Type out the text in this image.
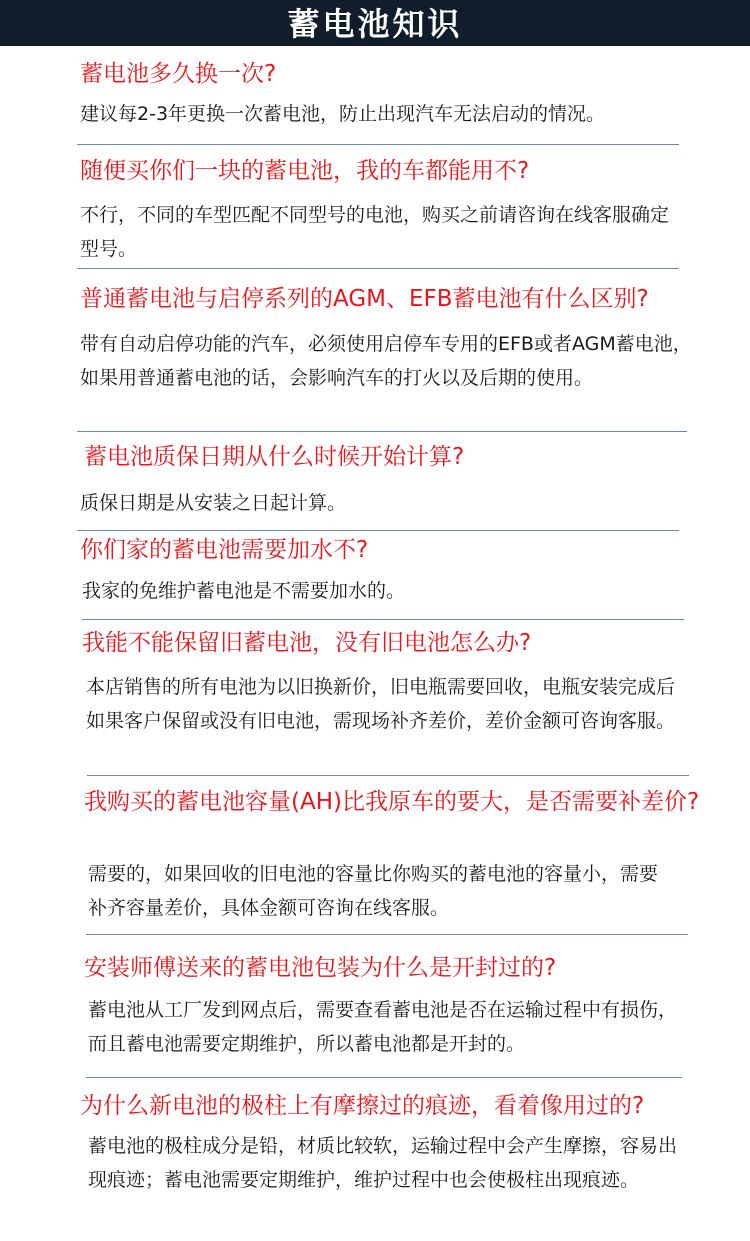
蓄电池知识

蓄电池多久换一次?

建议每2-3年更换一次蓄电池，防止出现汽车无法启动的情况。

随便买你们一块的蓄电池，我的车都能用不?

不行，不同的车型匹配不同型号的电池，购买之前请咨询在线客服确定型号。

普通蓄电池与启停系列的AGM、EFB蓄电池有什么区别?

带有自动启停功能的汽车，必须使用启停车专用的EFB或者AGM蓄电池，如果用普通蓄电池的话，会影响汽车的打火以及后期的使用。

蓄电池质保日期从什么时候开始计算?

质保日期是从安装之日起计算。

你们家的蓄电池需要加水不?

我家的免维护蓄电池是不需要加水的。

我能不能保留旧蓄电池，没有旧电池怎么办?

本店销售的所有电池为以旧换新价，旧电瓶需要回收，电瓶安装完成后如果客户保留或没有旧电池，需现场补齐差价，差价金额可咨询客服。

我购买的蓄电池容量(AH)比我原车的要大，是否需要补差价?

需要的，如果回收的旧电池的容量比你购买的蓄电池的容量小，需要补齐容量差价，具体金额可咨询在线客服。

安装师傅送来的蓄电池包装为什么是开封过的?

蓄电池从工厂发到网点后，需要查看蓄电池是否在运输过程中有损伤，而且蓄电池需要定期维护，所以蓄电池都是开封的。

为什么新电池的极柱上有摩擦过的痕迹，看着像用过的?

蓄电池的极柱成分是铅，材质比较软，运输过程中会产生摩擦，容易出现痕迹；蓄电池需要定期维护，维护过程中也会使极柱出现痕迹。
